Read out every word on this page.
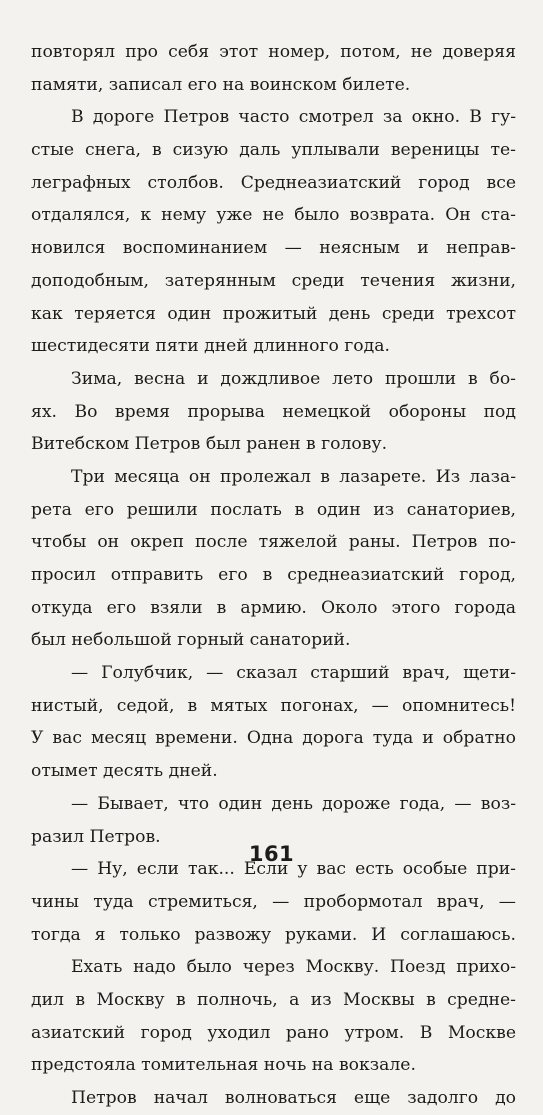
повторял про себя этот номер, потом, не доверяя
памяти, записал его на воинском билете.
В дороге Петров часто смотрел за окно. В гу-
стые снега, в сизую даль уплывали вереницы те-
леграфных столбов. Среднеазиатский город все
отдалялся, к нему уже не было возврата. Он ста-
новился воспоминанием — неясным и неправ-
доподобным, затерянным среди течения жизни,
как теряется один прожитый день среди трехсот
шестидесяти пяти дней длинного года.
Зима, весна и дождливое лето прошли в бо-
ях. Во время прорыва немецкой обороны под
Витебском Петров был ранен в голову.
Три месяца он пролежал в лазарете. Из лаза-
рета его решили послать в один из санаториев,
чтобы он окреп после тяжелой раны. Петров по-
просил отправить его в среднеазиатский город,
откуда его взяли в армию. Около этого города
был небольшой горный санаторий.
— Голубчик, — сказал старший врач, щети-
нистый, седой, в мятых погонах, — опомнитесь!
У вас месяц времени. Одна дорога туда и обратно
отымет десять дней.
— Бывает, что один день дороже года, — воз-
разил Петров.
— Ну, если так... Если у вас есть особые при-
чины туда стремиться, — пробормотал врач, —
тогда я только развожу руками. И соглашаюсь.
Ехать надо было через Москву. Поезд прихо-
дил в Москву в полночь, а из Москвы в средне-
азиатский город уходил рано утром. В Москве
предстояла томительная ночь на вокзале.
Петров начал волноваться еще задолго до
161
